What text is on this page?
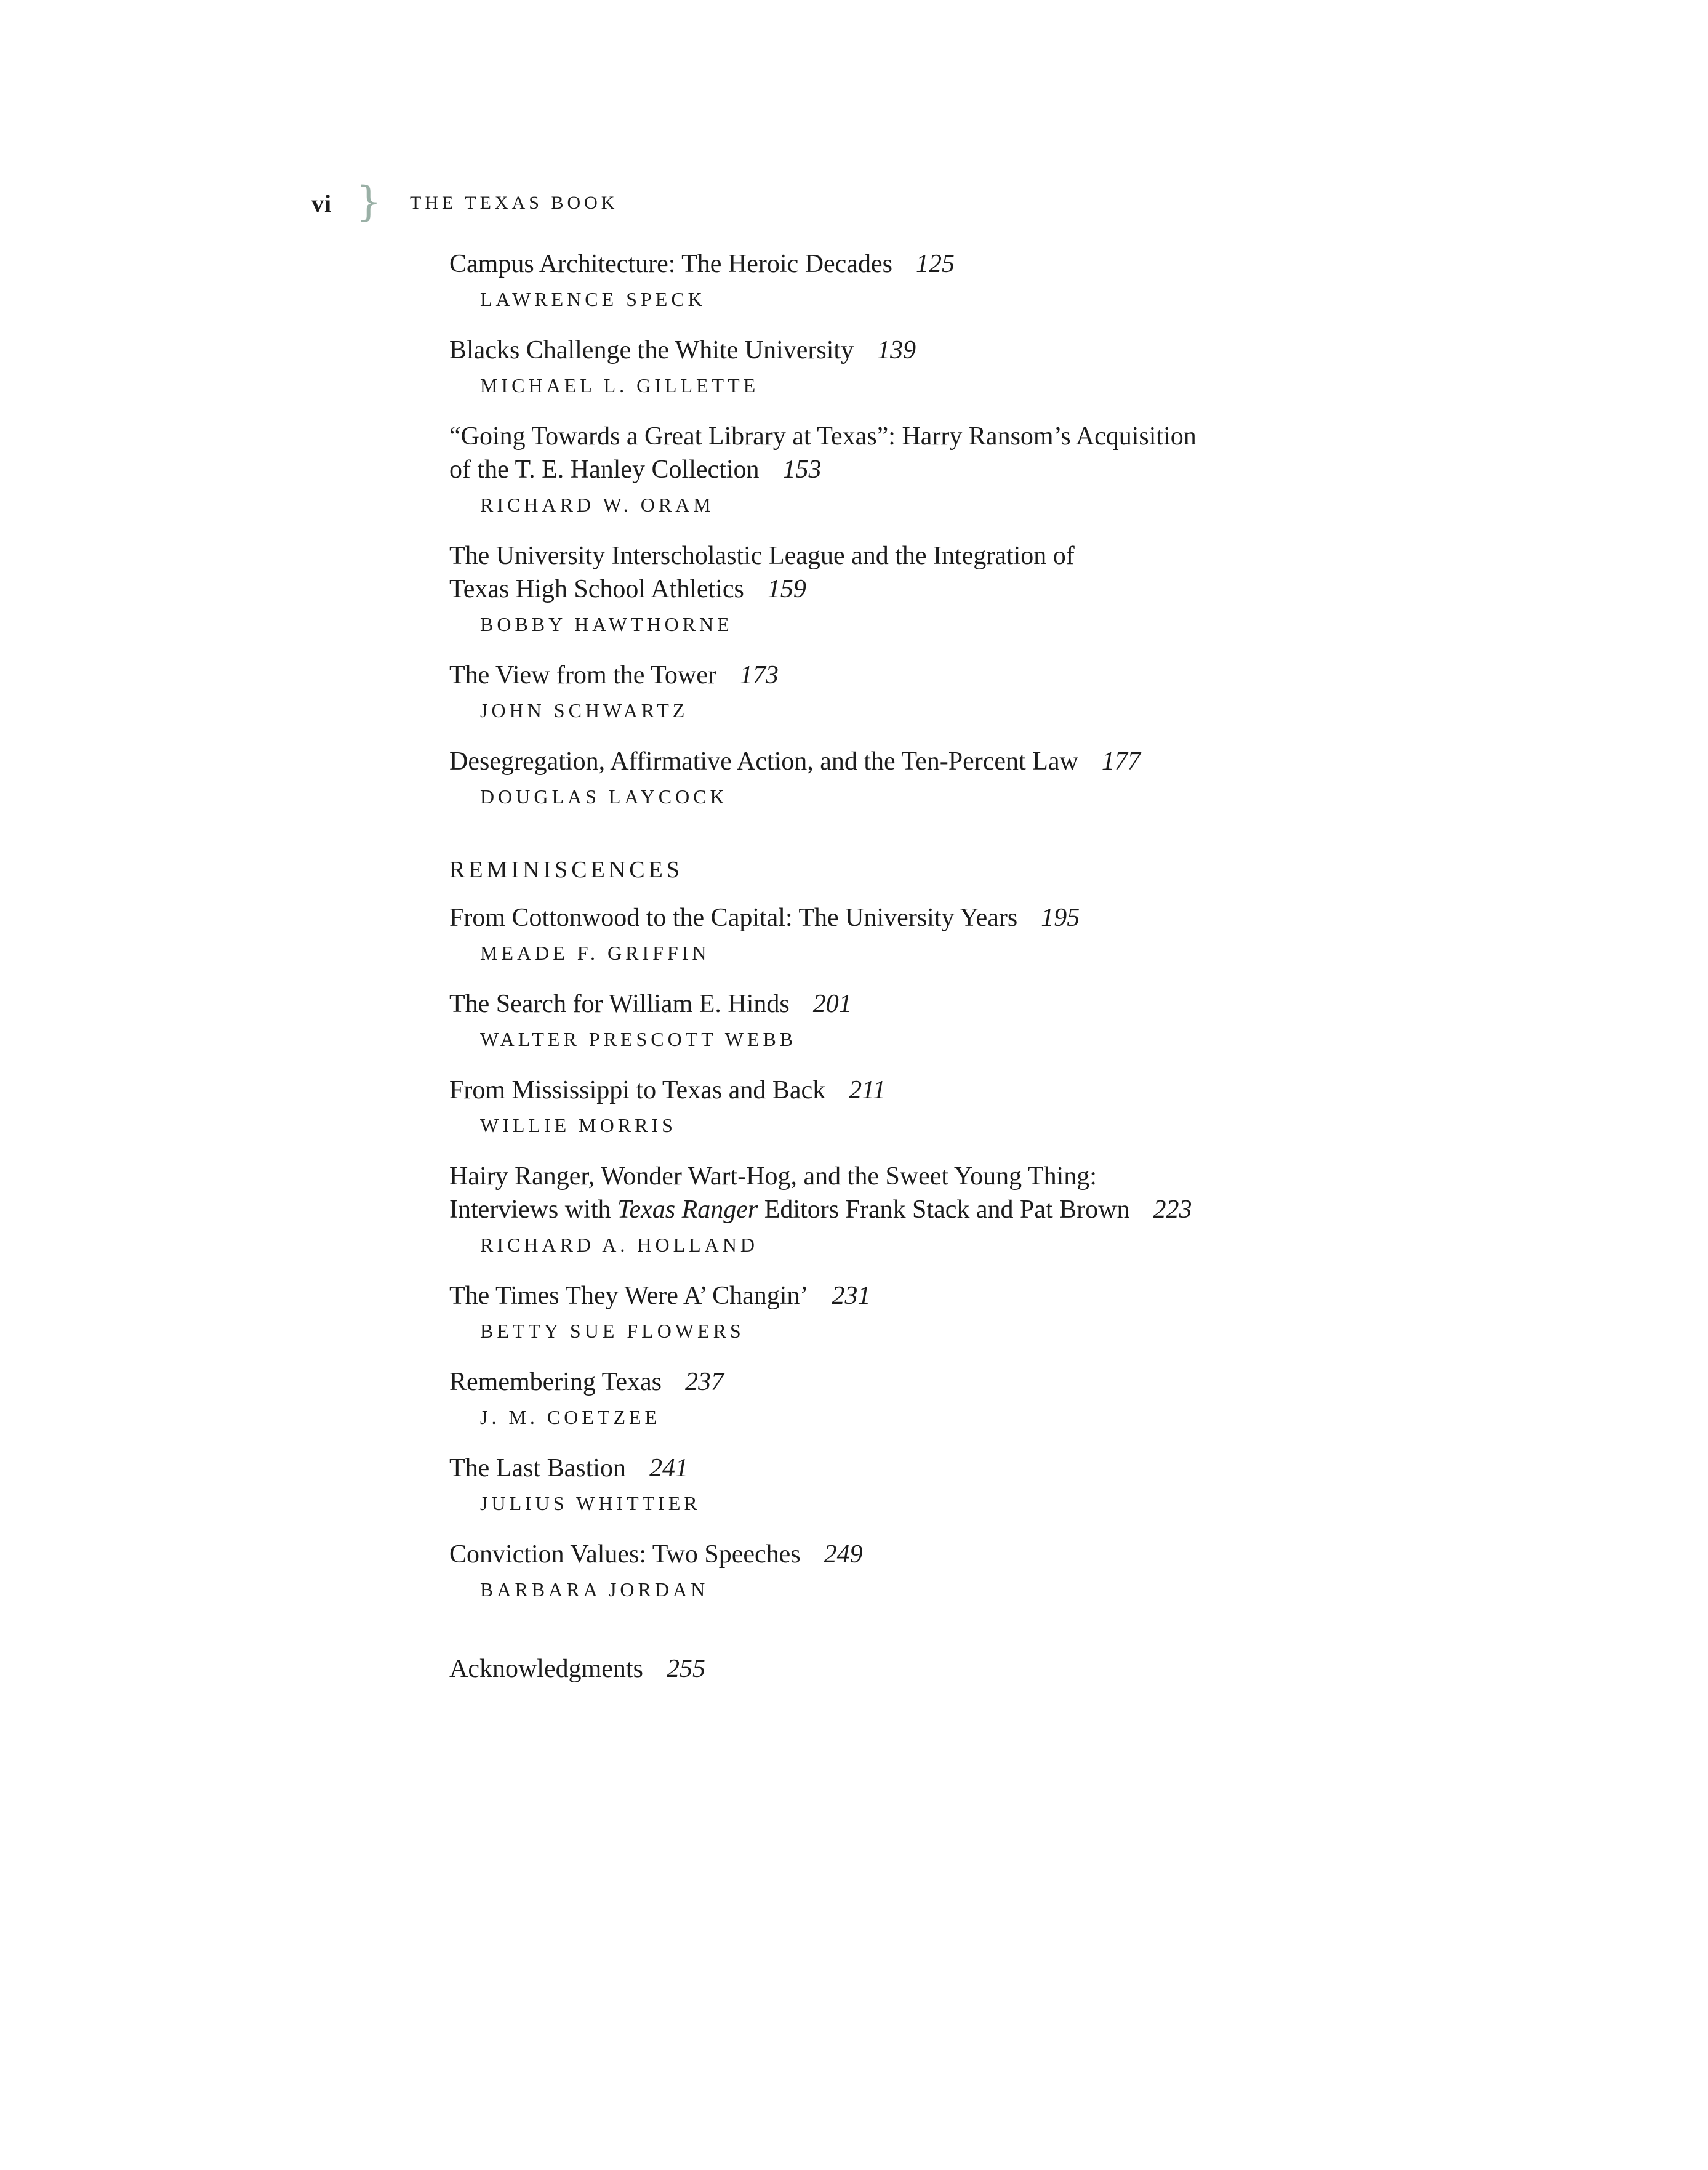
vi } THE TEXAS BOOK
Campus Architecture: The Heroic Decades 125
LAWRENCE SPECK
Blacks Challenge the White University 139
MICHAEL L. GILLETTE
“Going Towards a Great Library at Texas”: Harry Ransom’s Acquisition
of the T. E. Hanley Collection 153
RICHARD W. ORAM
The University Interscholastic League and the Integration of
Texas High School Athletics 159
BOBBY HAWTHORNE
The View from the Tower 173
JOHN SCHWARTZ
Desegregation, Affirmative Action, and the Ten-Percent Law 177
DOUGLAS LAYCOCK
REMINISCENCES
From Cottonwood to the Capital: The University Years 195
MEADE F. GRIFFIN
The Search for William E. Hinds 201
WALTER PRESCOTT WEBB
From Mississippi to Texas and Back 211
WILLIE MORRIS
Hairy Ranger, Wonder Wart-Hog, and the Sweet Young Thing:
Interviews with Texas Ranger Editors Frank Stack and Pat Brown 223
RICHARD A. HOLLAND
The Times They Were A’ Changin’ 231
BETTY SUE FLOWERS
Remembering Texas 237
J. M. COETZEE
The Last Bastion 241
JULIUS WHITTIER
Conviction Values: Two Speeches 249
BARBARA JORDAN
Acknowledgments 255
